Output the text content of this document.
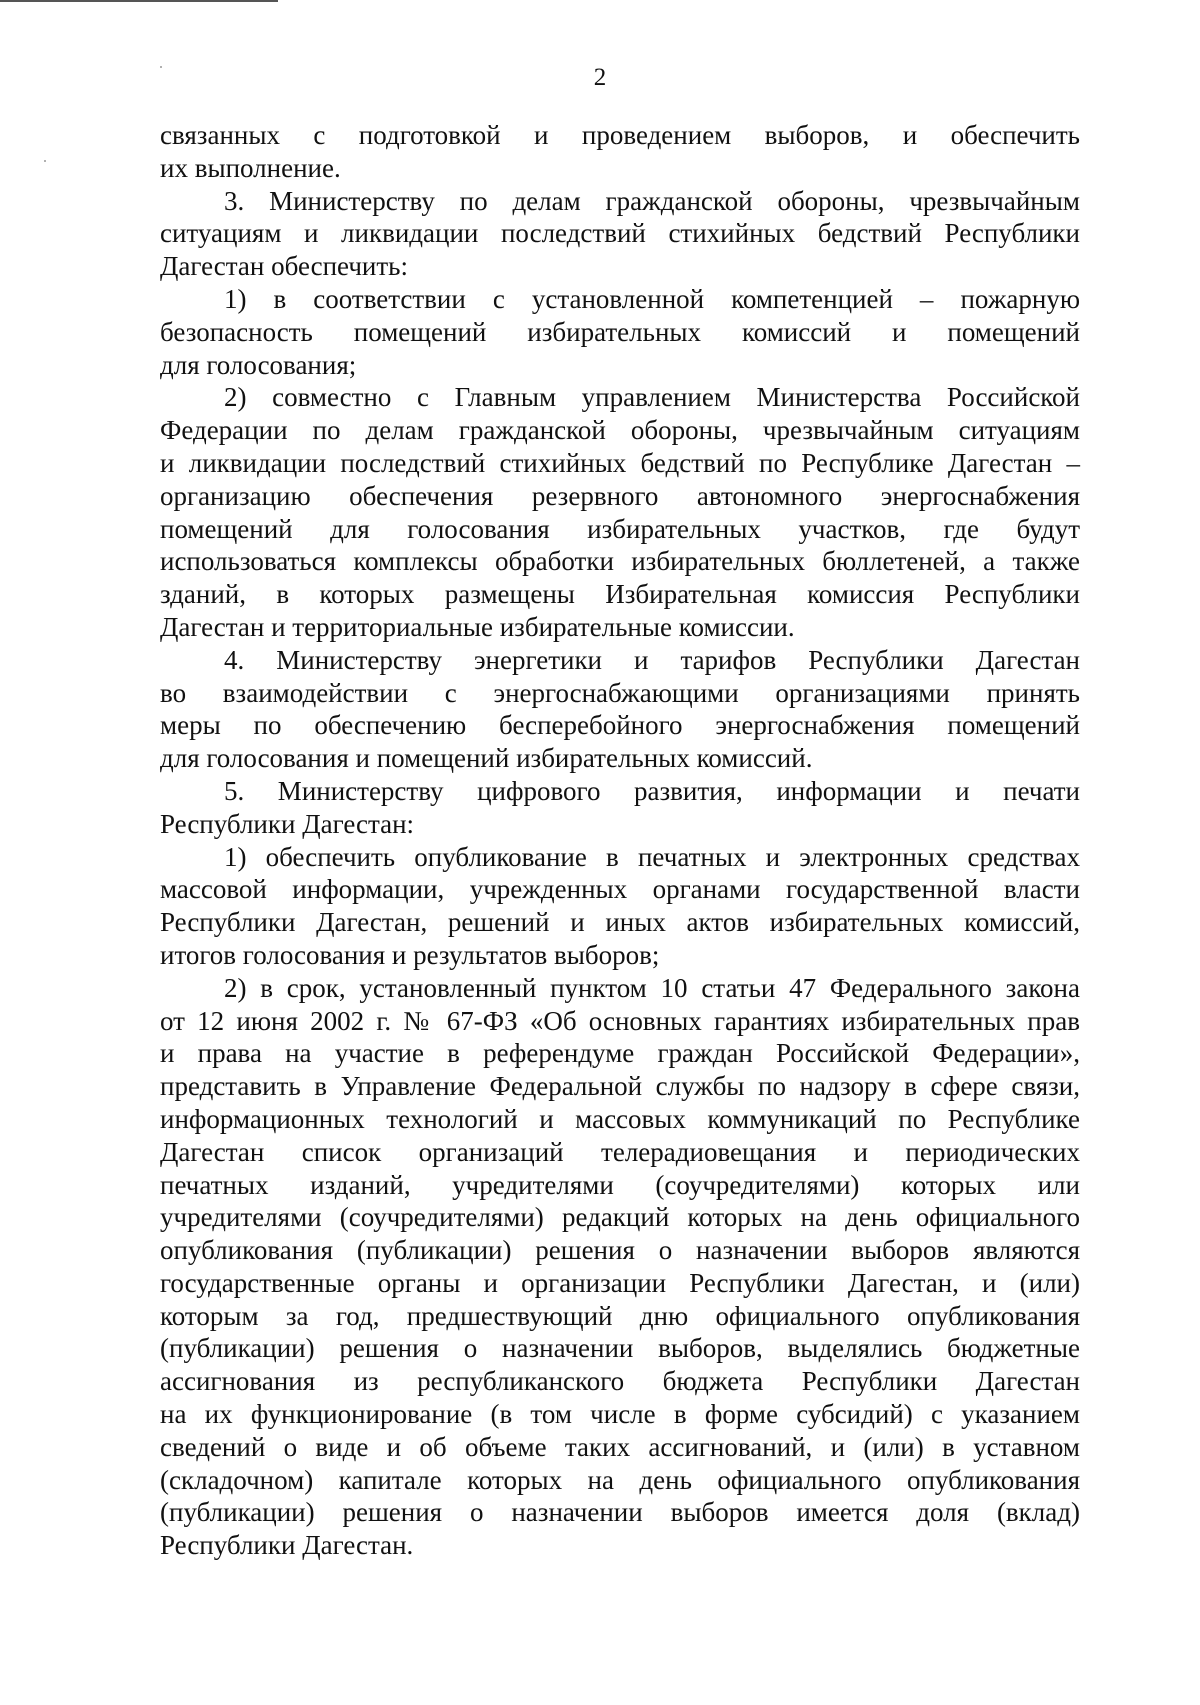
2
связанных с подготовкой и проведением выборов, и обеспечить
их выполнение.
3. Министерству по делам гражданской обороны, чрезвычайным
ситуациям и ликвидации последствий стихийных бедствий Республики
Дагестан обеспечить:
1) в соответствии с установленной компетенцией – пожарную
безопасность помещений избирательных комиссий и помещений
для голосования;
2) совместно с Главным управлением Министерства Российской
Федерации по делам гражданской обороны, чрезвычайным ситуациям
и ликвидации последствий стихийных бедствий по Республике Дагестан –
организацию обеспечения резервного автономного энергоснабжения
помещений для голосования избирательных участков, где будут
использоваться комплексы обработки избирательных бюллетеней, а также
зданий, в которых размещены Избирательная комиссия Республики
Дагестан и территориальные избирательные комиссии.
4. Министерству энергетики и тарифов Республики Дагестан
во взаимодействии с энергоснабжающими организациями принять
меры по обеспечению бесперебойного энергоснабжения помещений
для голосования и помещений избирательных комиссий.
5. Министерству цифрового развития, информации и печати
Республики Дагестан:
1) обеспечить опубликование в печатных и электронных средствах
массовой информации, учрежденных органами государственной власти
Республики Дагестан, решений и иных актов избирательных комиссий,
итогов голосования и результатов выборов;
2) в срок, установленный пунктом 10 статьи 47 Федерального закона
от 12 июня 2002 г. № 67-ФЗ «Об основных гарантиях избирательных прав
и права на участие в референдуме граждан Российской Федерации»,
представить в Управление Федеральной службы по надзору в сфере связи,
информационных технологий и массовых коммуникаций по Республике
Дагестан список организаций телерадиовещания и периодических
печатных изданий, учредителями (соучредителями) которых или
учредителями (соучредителями) редакций которых на день официального
опубликования (публикации) решения о назначении выборов являются
государственные органы и организации Республики Дагестан, и (или)
которым за год, предшествующий дню официального опубликования
(публикации) решения о назначении выборов, выделялись бюджетные
ассигнования из республиканского бюджета Республики Дагестан
на их функционирование (в том числе в форме субсидий) с указанием
сведений о виде и об объеме таких ассигнований, и (или) в уставном
(складочном) капитале которых на день официального опубликования
(публикации) решения о назначении выборов имеется доля (вклад)
Республики Дагестан.
